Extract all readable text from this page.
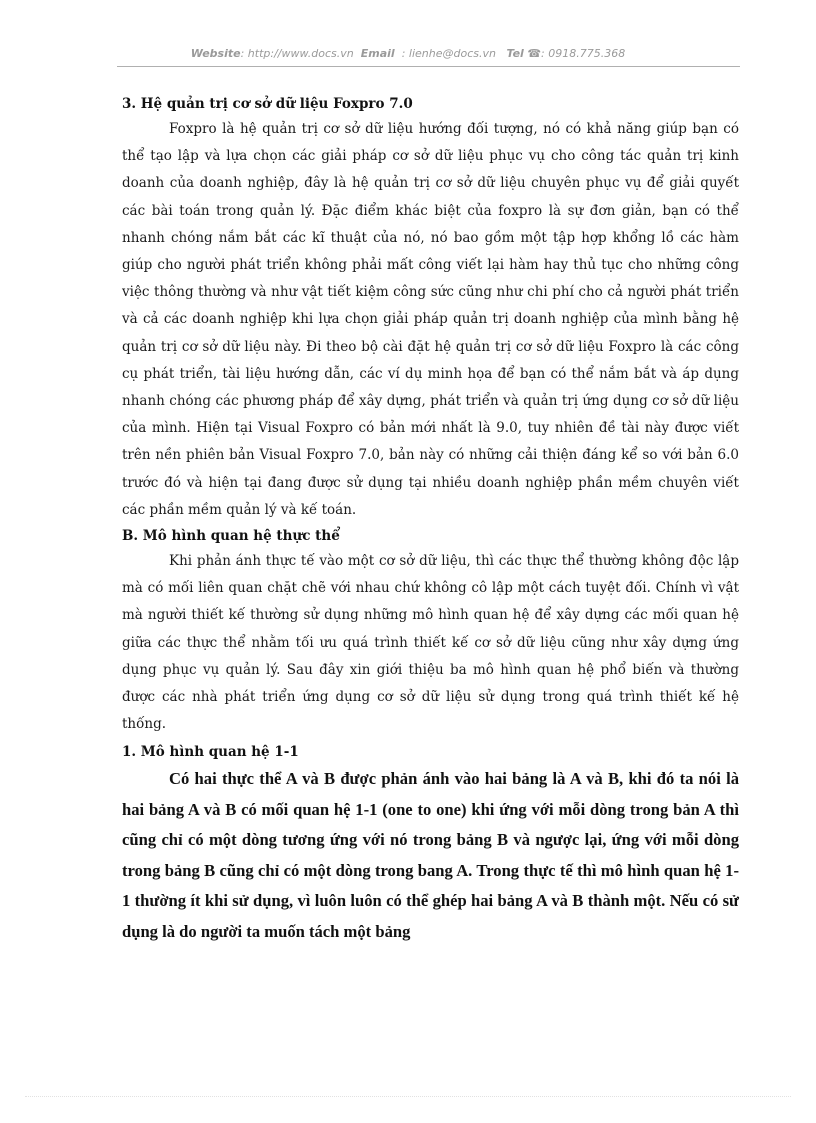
Website: http://www.docs.vn Email : lienhe@docs.vn Tel ☎: 0918.775.368

3. Hệ quản trị cơ sở dữ liệu Foxpro 7.0

Foxpro là hệ quản trị cơ sở dữ liệu hướng đối tượng, nó có khả năng giúp bạn có thể tạo lập và lựa chọn các giải pháp cơ sở dữ liệu phục vụ cho công tác quản trị kinh doanh của doanh nghiệp, đây là hệ quản trị cơ sở dữ liệu chuyên phục vụ để giải quyết các bài toán trong quản lý. Đặc điểm khác biệt của foxpro là sự đơn giản, bạn có thể nhanh chóng nắm bắt các kĩ thuật của nó, nó bao gồm một tập hợp khổng lồ các hàm giúp cho người phát triển không phải mất công viết lại hàm hay thủ tục cho những công việc thông thường và như vật tiết kiệm công sức cũng như chi phí cho cả người phát triển và cả các doanh nghiệp khi lựa chọn giải pháp quản trị doanh nghiệp của mình bằng hệ quản trị cơ sở dữ liệu này. Đi theo bộ cài đặt hệ quản trị cơ sở dữ liệu Foxpro là các công cụ phát triển, tài liệu hướng dẫn, các ví dụ minh họa để bạn có thể nắm bắt và áp dụng nhanh chóng các phương pháp để xây dựng, phát triển và quản trị ứng dụng cơ sở dữ liệu của mình. Hiện tại Visual Foxpro có bản mới nhất là 9.0, tuy nhiên đề tài này được viết trên nền phiên bản Visual Foxpro 7.0, bản này có những cải thiện đáng kể so với bản 6.0 trước đó và hiện tại đang được sử dụng tại nhiều doanh nghiệp phần mềm chuyên viết các phần mềm quản lý và kế toán.

B. Mô hình quan hệ thực thể

Khi phản ánh thực tế vào một cơ sở dữ liệu, thì các thực thể thường không độc lập mà có mối liên quan chặt chẽ với nhau chứ không cô lập một cách tuyệt đối. Chính vì vật mà người thiết kế thường sử dụng những mô hình quan hệ để xây dựng các mối quan hệ giữa các thực thể nhằm tối ưu quá trình thiết kế cơ sở dữ liệu cũng như xây dựng ứng dụng phục vụ quản lý. Sau đây xin giới thiệu ba mô hình quan hệ phổ biến và thường được các nhà phát triển ứng dụng cơ sở dữ liệu sử dụng trong quá trình thiết kế hệ thống.

1. Mô hình quan hệ 1-1

Có hai thực thể A và B được phản ánh vào hai bảng là A và B, khi đó ta nói là hai bảng A và B có mối quan hệ 1-1 (one to one) khi ứng với mỗi dòng trong bản A thì cũng chỉ có một dòng tương ứng với nó trong bảng B và ngược lại, ứng với mỗi dòng trong bảng B cũng chỉ có một dòng trong bang A. Trong thực tế thì mô hình quan hệ 1-1 thường ít khi sử dụng, vì luôn luôn có thể ghép hai bảng A và B thành một. Nếu có sử dụng là do người ta muốn tách một bảng
